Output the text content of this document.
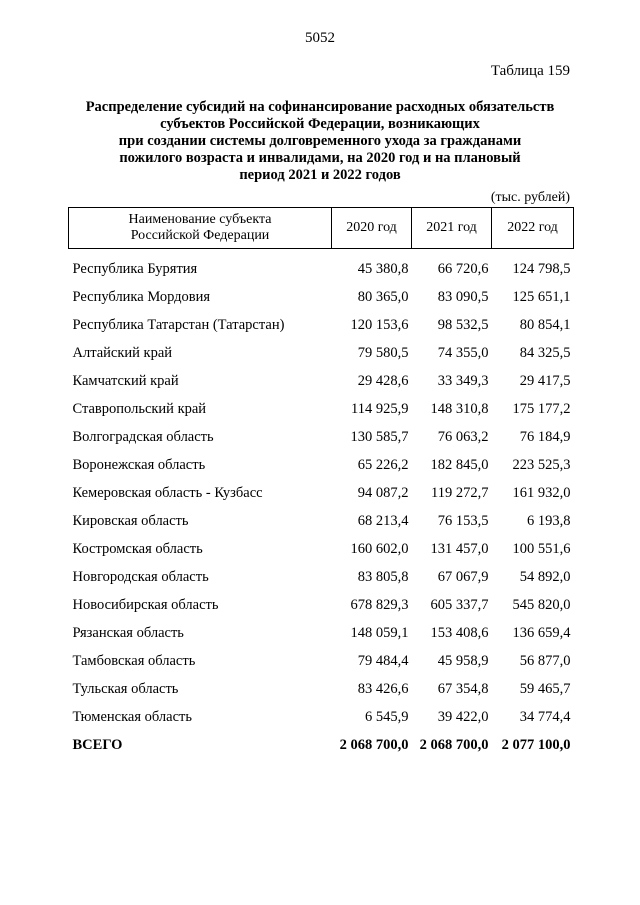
5052
Таблица 159
Распределение субсидий на софинансирование расходных обязательств
субъектов Российской Федерации, возникающих
при создании системы долговременного ухода за гражданами
пожилого возраста и инвалидами, на 2020 год и на плановый
период 2021 и 2022 годов
(тыс. рублей)
Наименование субъекта
Российской Федерации	2020 год	2021 год	2022 год
Республика Бурятия	45 380,8	66 720,6	124 798,5
Республика Мордовия	80 365,0	83 090,5	125 651,1
Республика Татарстан (Татарстан)	120 153,6	98 532,5	80 854,1
Алтайский край	79 580,5	74 355,0	84 325,5
Камчатский край	29 428,6	33 349,3	29 417,5
Ставропольский край	114 925,9	148 310,8	175 177,2
Волгоградская область	130 585,7	76 063,2	76 184,9
Воронежская область	65 226,2	182 845,0	223 525,3
Кемеровская область - Кузбасс	94 087,2	119 272,7	161 932,0
Кировская область	68 213,4	76 153,5	6 193,8
Костромская область	160 602,0	131 457,0	100 551,6
Новгородская область	83 805,8	67 067,9	54 892,0
Новосибирская область	678 829,3	605 337,7	545 820,0
Рязанская область	148 059,1	153 408,6	136 659,4
Тамбовская область	79 484,4	45 958,9	56 877,0
Тульская область	83 426,6	67 354,8	59 465,7
Тюменская область	6 545,9	39 422,0	34 774,4
ВСЕГО	2 068 700,0	2 068 700,0	2 077 100,0
